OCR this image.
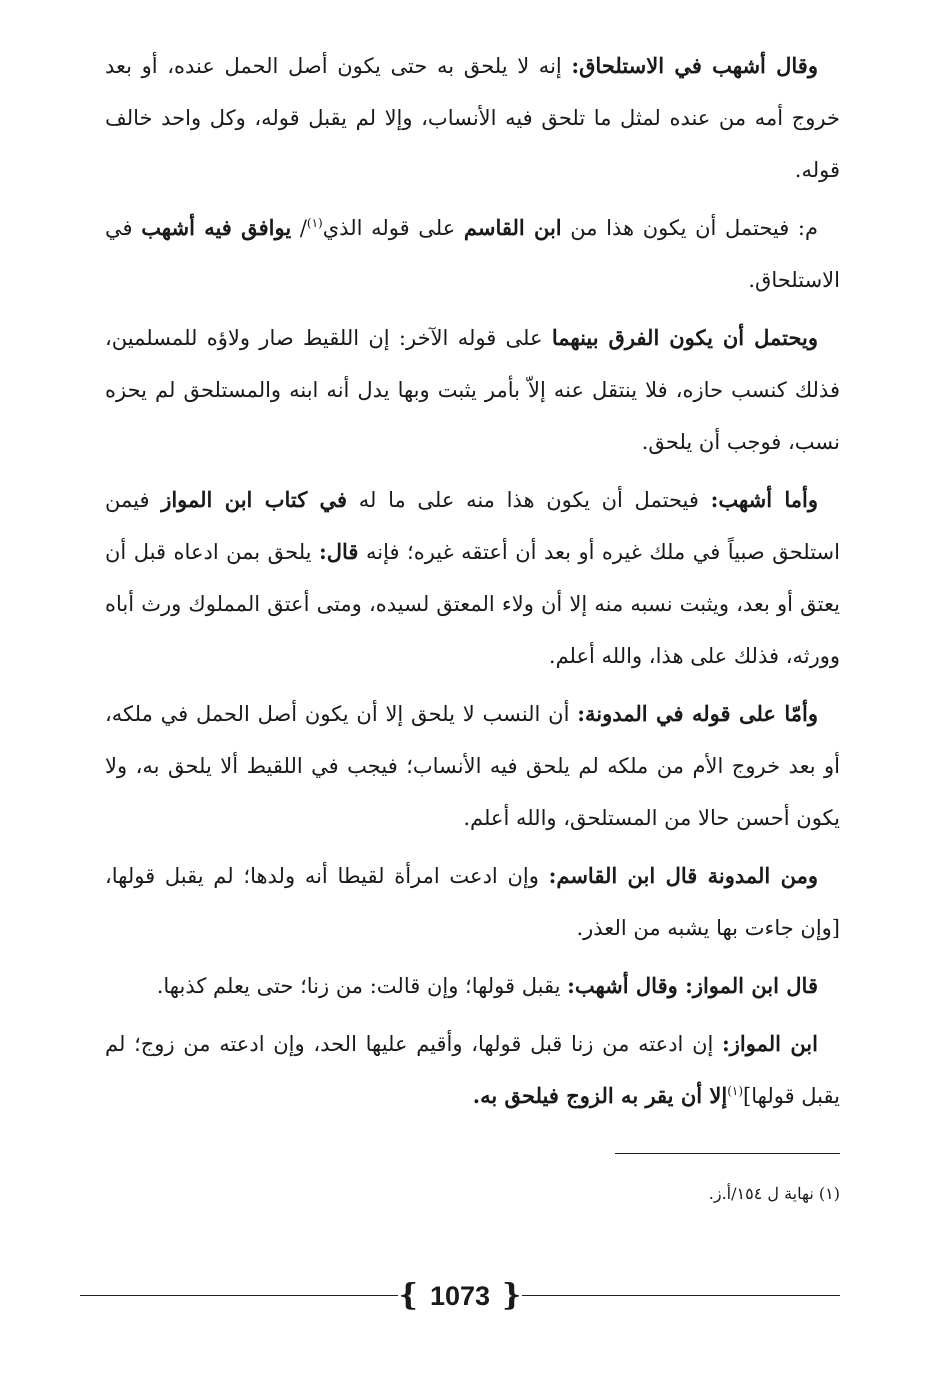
وقال أشهب في الاستلحاق: إنه لا يلحق به حتى يكون أصل الحمل عنده، أو بعد خروج أمه من عنده لمثل ما تلحق فيه الأنساب، وإلا لم يقبل قوله، وكل واحد خالف قوله.

م: فيحتمل أن يكون هذا من ابن القاسم على قوله الذي$^{(١)}$/ يوافق فيه أشهب في الاستلحاق.

ويحتمل أن يكون الفرق بينهما على قوله الآخر: إن اللقيط صار ولاؤه للمسلمين، فذلك كنسب حازه، فلا ينتقل عنه إلاّ بأمر يثبت وبها يدل أنه ابنه والمستلحق لم يحزه نسب، فوجب أن يلحق.

وأما أشهب: فيحتمل أن يكون هذا منه على ما له في كتاب ابن المواز فيمن استلحق صبياً في ملك غيره أو بعد أن أعتقه غيره؛ فإنه قال: يلحق بمن ادعاه قبل أن يعتق أو بعد، ويثبت نسبه منه إلا أن ولاء المعتق لسيده، ومتى أعتق المملوك ورث أباه وورثه، فذلك على هذا، والله أعلم.

وأمّا على قوله في المدونة: أن النسب لا يلحق إلا أن يكون أصل الحمل في ملكه، أو بعد خروج الأم من ملكه لم يلحق فيه الأنساب؛ فيجب في اللقيط ألا يلحق به، ولا يكون أحسن حالا من المستلحق، والله أعلم.

ومن المدونة قال ابن القاسم: وإن ادعت امرأة لقيطا أنه ولدها؛ لم يقبل قولها، [وإن جاءت بها يشبه من العذر.

قال ابن المواز: وقال أشهب: يقبل قولها؛ وإن قالت: من زنا؛ حتى يعلم كذبها.

ابن المواز: إن ادعته من زنا قبل قولها، وأقيم عليها الحد، وإن ادعته من زوج؛ لم يقبل قولها]$^{(١)}$إلا أن يقر به الزوج فيلحق به.

(١) نهاية ل ١٥٤/أ.ز.
{ 1073 }
